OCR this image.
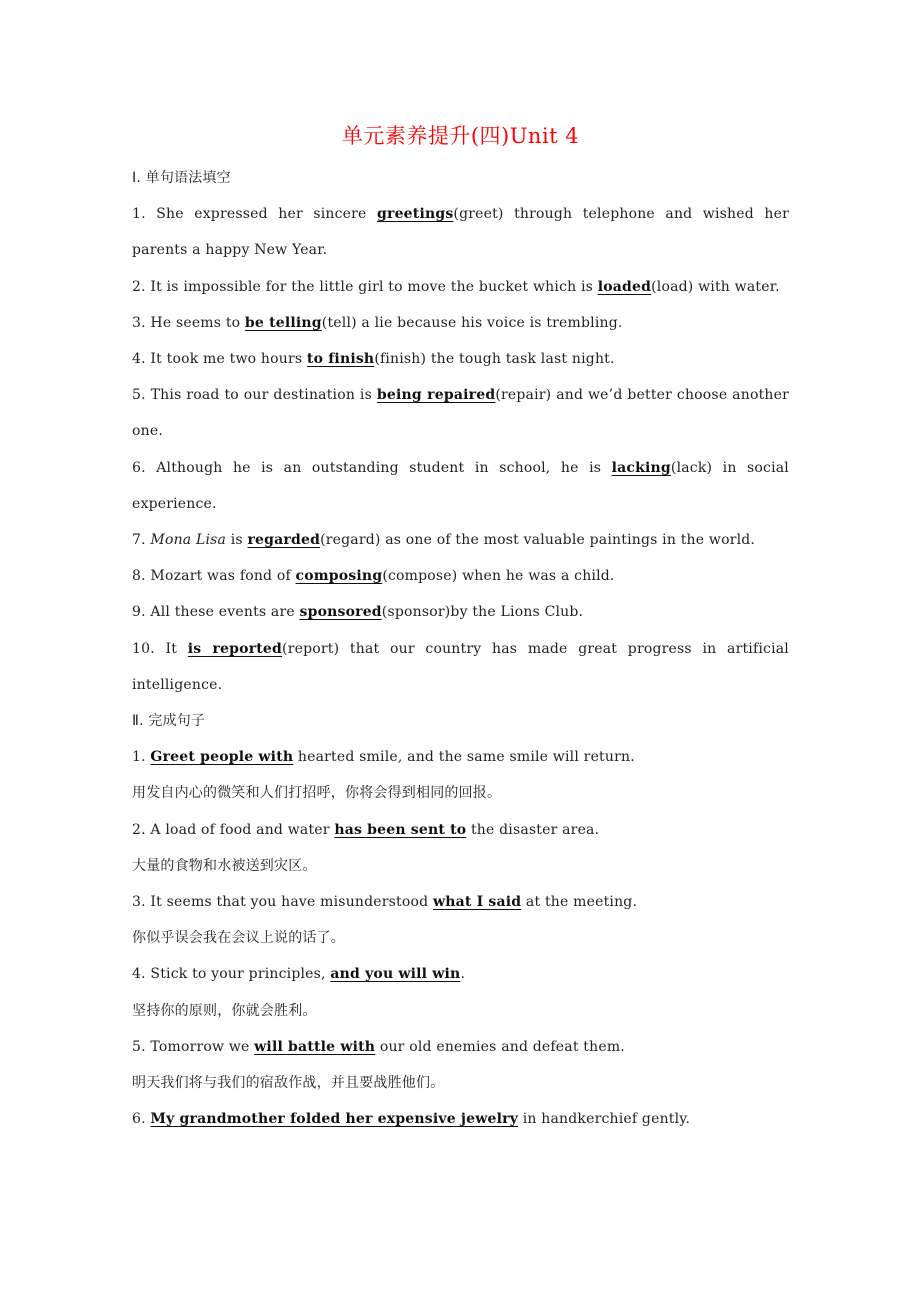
单元素养提升(四)Unit 4
Ⅰ. 单句语法填空
1. She expressed her sincere greetings(greet) through telephone and wished her parents a happy New Year.
2. It is impossible for the little girl to move the bucket which is loaded(load) with water.
3. He seems to be telling(tell) a lie because his voice is trembling.
4. It took me two hours to finish(finish) the tough task last night.
5. This road to our destination is being repaired(repair) and we’d better choose another one.
6. Although he is an outstanding student in school, he is lacking(lack) in social experience.
7. Mona Lisa is regarded(regard) as one of the most valuable paintings in the world.
8. Mozart was fond of composing(compose) when he was a child.
9. All these events are sponsored(sponsor)by the Lions Club.
10. It is reported(report) that our country has made great progress in artificial intelligence.
Ⅱ. 完成句子
1. Greet people with hearted smile, and the same smile will return.
用发自内心的微笑和人们打招呼，你将会得到相同的回报。
2. A load of food and water has been sent to the disaster area.
大量的食物和水被送到灾区。
3. It seems that you have misunderstood what I said at the meeting.
你似乎误会我在会议上说的话了。
4. Stick to your principles, and you will win.
坚持你的原则，你就会胜利。
5. Tomorrow we will battle with our old enemies and defeat them.
明天我们将与我们的宿敌作战，并且要战胜他们。
6. My grandmother folded her expensive jewelry in handkerchief gently.
